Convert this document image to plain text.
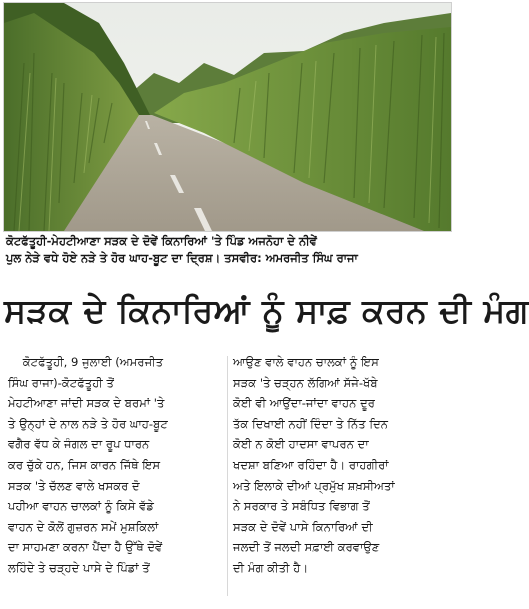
ਕੋਟਫੱਤੂਹੀ-ਮੇਹਟੀਆਣਾ ਸੜਕ ਦੇ ਦੋਵੇਂ ਕਿਨਾਰਿਆਂ 'ਤੇ ਪਿੰਡ ਅਜਨੋਹਾ ਦੇ ਨੀਵੇਂ
ਪੁਲ ਨੇੜੇ ਵਧੇ ਹੋਏ ਨੜੇ ਤੇ ਹੋਰ ਘਾਹ-ਬੂਟ ਦਾ ਦ੍ਰਿਸ਼। ਤਸਵੀਰ: ਅਮਰਜੀਤ ਸਿੰਘ ਰਾਜਾ
ਸੜਕ ਦੇ ਕਿਨਾਰਿਆਂ ਨੂੰ ਸਾਫ਼ ਕਰਨ ਦੀ ਮੰਗ
ਕੋਟਫੱਤੂਹੀ, 9 ਜੁਲਾਈ (ਅਮਰਜੀਤ
ਸਿੰਘ ਰਾਜਾ)-ਕੋਟਫੱਤੂਹੀ ਤੋਂ
ਮੇਹਟੀਆਣਾ ਜਾਂਦੀ ਸੜਕ ਦੇ ਬਰਮਾਂ 'ਤੇ
ਤੇ ਉਨ੍ਹਾਂ ਦੇ ਨਾਲ ਨੜੇ ਤੇ ਹੋਰ ਘਾਹ-ਬੂਟ
ਵਗੈਰ ਵੱਧ ਕੇ ਜੰਗਲ ਦਾ ਰੂਪ ਧਾਰਨ
ਕਰ ਚੁੱਕੇ ਹਨ, ਜਿਸ ਕਾਰਨ ਜਿੱਥੇ ਇਸ
ਸੜਕ 'ਤੇ ਚੱਲਣ ਵਾਲੇ ਖਸਕਰ ਦੋ
ਪਹੀਆ ਵਾਹਨ ਚਾਲਕਾਂ ਨੂੰ ਕਿਸੇ ਵੱਡੇ
ਵਾਹਨ ਦੇ ਕੋਲੋਂ ਗੁਜ਼ਰਨ ਸਮੇਂ ਮੁਸ਼ਕਿਲਾਂ
ਦਾ ਸਾਹਮਣਾ ਕਰਨਾ ਪੈਂਦਾ ਹੈ ਉੱਥੇ ਦੋਵੇਂ
ਲਹਿੰਦੇ ਤੇ ਚੜ੍ਹਦੇ ਪਾਸੇ ਦੇ ਪਿੰਡਾਂ ਤੋਂ
ਆਉਣ ਵਾਲੇ ਵਾਹਨ ਚਾਲਕਾਂ ਨੂੰ ਇਸ
ਸੜਕ 'ਤੇ ਚੜ੍ਹਨ ਲੱਗਿਆਂ ਸੱਜੇ-ਖੱਬੇ
ਕੋਈ ਵੀ ਆਉਂਦਾ-ਜਾਂਦਾ ਵਾਹਨ ਦੂਰ
ਤੱਕ ਦਿਖਾਈ ਨਹੀਂ ਦਿੰਦਾ ਤੇ ਨਿੱਤ ਦਿਨ
ਕੋਈ ਨ ਕੋਈ ਹਾਦਸਾ ਵਾਪਰਨ ਦਾ
ਖਦਸ਼ਾ ਬਣਿਆ ਰਹਿੰਦਾ ਹੈ। ਰਾਹਗੀਰਾਂ
ਅਤੇ ਇਲਾਕੇ ਦੀਆਂ ਪ੍ਰਮੁੱਖ ਸ਼ਖ਼ਸੀਅਤਾਂ
ਨੇ ਸਰਕਾਰ ਤੇ ਸਬੰਧਿਤ ਵਿਭਾਗ ਤੋਂ
ਸੜਕ ਦੇ ਦੋਵੇਂ ਪਾਸੇ ਕਿਨਾਰਿਆਂ ਦੀ
ਜਲਦੀ ਤੋਂ ਜਲਦੀ ਸਫ਼ਾਈ ਕਰਵਾਉਣ
ਦੀ ਮੰਗ ਕੀਤੀ ਹੈ।
